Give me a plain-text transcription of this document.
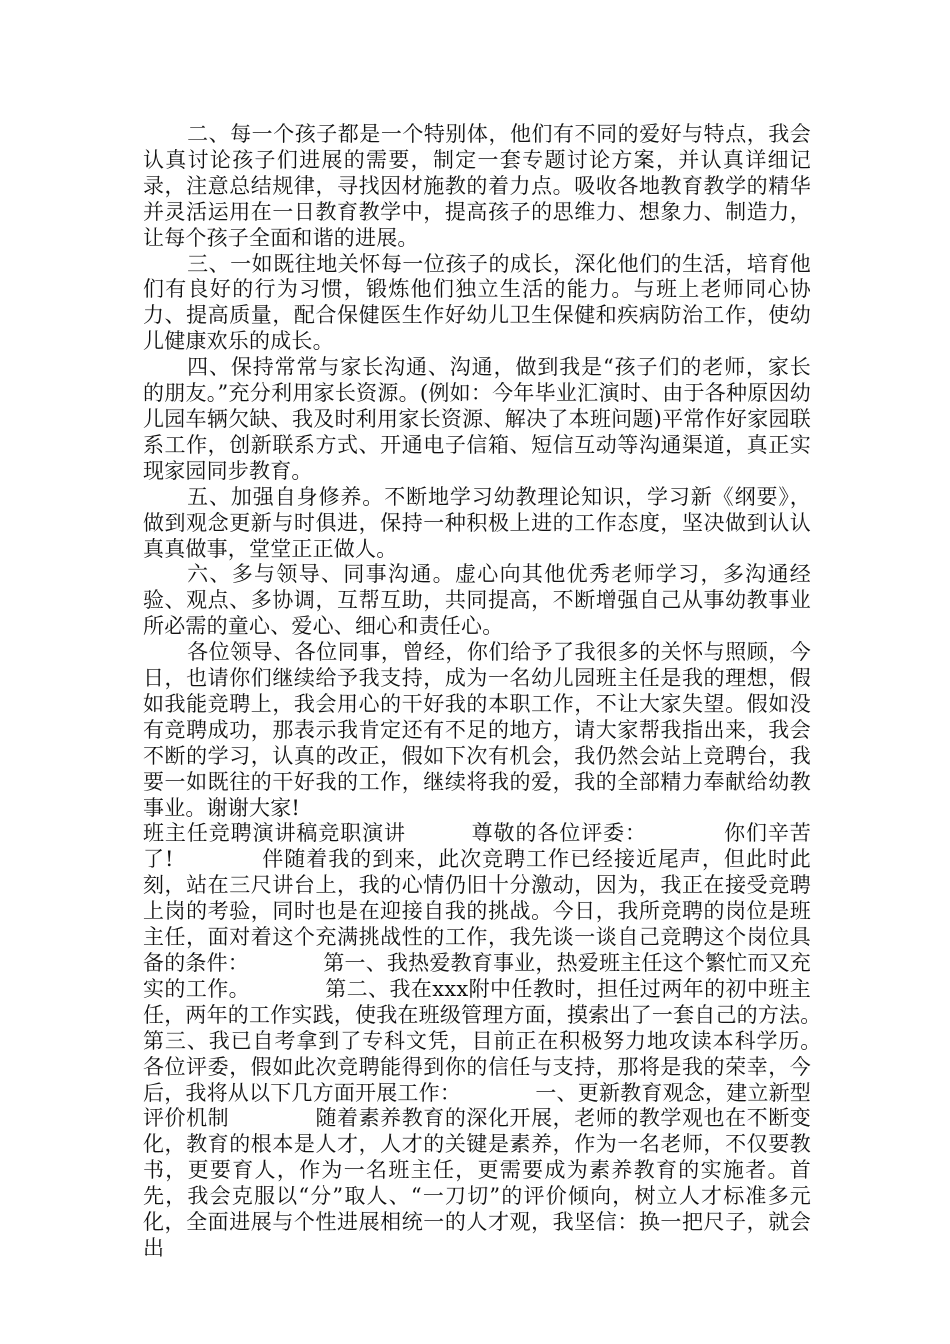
二、每一个孩子都是一个特别体，他们有不同的爱好与特点，我会认真讨论孩子们进展的需要，制定一套专题讨论方案，并认真详细记录，注意总结规律，寻找因材施教的着力点。吸收各地教育教学的精华并灵活运用在一日教育教学中，提高孩子的思维力、想象力、制造力，让每个孩子全面和谐的进展。

三、一如既往地关怀每一位孩子的成长，深化他们的生活，培育他们有良好的行为习惯，锻炼他们独立生活的能力。与班上老师同心协力、提高质量，配合保健医生作好幼儿卫生保健和疾病防治工作，使幼儿健康欢乐的成长。

四、保持常常与家长沟通、沟通，做到我是“孩子们的老师，家长的朋友。”充分利用家长资源。(例如：今年毕业汇演时、由于各种原因幼儿园车辆欠缺、我及时利用家长资源、解决了本班问题)平常作好家园联系工作，创新联系方式、开通电子信箱、短信互动等沟通渠道，真正实现家园同步教育。

五、加强自身修养。不断地学习幼教理论知识，学习新《纲要》，做到观念更新与时俱进，保持一种积极上进的工作态度，坚决做到认认真真做事，堂堂正正做人。

六、多与领导、同事沟通。虚心向其他优秀老师学习，多沟通经验、观点、多协调，互帮互助，共同提高，不断增强自己从事幼教事业所必需的童心、爱心、细心和责任心。

各位领导、各位同事，曾经，你们给予了我很多的关怀与照顾，今日，也请你们继续给予我支持，成为一名幼儿园班主任是我的理想，假如我能竞聘上，我会用心的干好我的本职工作，不让大家失望。假如没有竞聘成功，那表示我肯定还有不足的地方，请大家帮我指出来，我会不断的学习，认真的改正，假如下次有机会，我仍然会站上竞聘台，我要一如既往的干好我的工作，继续将我的爱，我的全部精力奉献给幼教事业。谢谢大家!

班主任竞聘演讲稿竞职演讲　　　尊敬的各位评委：　　　　你们辛苦了!　　　　伴随着我的到来，此次竞聘工作已经接近尾声，但此时此刻，站在三尺讲台上，我的心情仍旧十分激动，因为，我正在接受竞聘上岗的考验，同时也是在迎接自我的挑战。今日，我所竞聘的岗位是班主任，面对着这个充满挑战性的工作，我先谈一谈自己竞聘这个岗位具备的条件：　　　　第一、我热爱教育事业，热爱班主任这个繁忙而又充实的工作。　　　　第二、我在xxx附中任教时，担任过两年的初中班主任，两年的工作实践，使我在班级管理方面，摸索出了一套自己的方法。　　　　第三、我已自考拿到了专科文凭，目前正在积极努力地攻读本科学历。　各位评委，假如此次竞聘能得到你的信任与支持，那将是我的荣幸，今后，我将从以下几方面开展工作：　　　　一、更新教育观念，建立新型评价机制　　　　随着素养教育的深化开展，老师的教学观也在不断变化，教育的根本是人才，人才的关键是素养，作为一名老师，不仅要教书，更要育人，作为一名班主任，更需要成为素养教育的实施者。首先，我会克服以“分”取人、“一刀切”的评价倾向，树立人才标准多元化，全面进展与个性进展相统一的人才观，我坚信：换一把尺子，就会出
